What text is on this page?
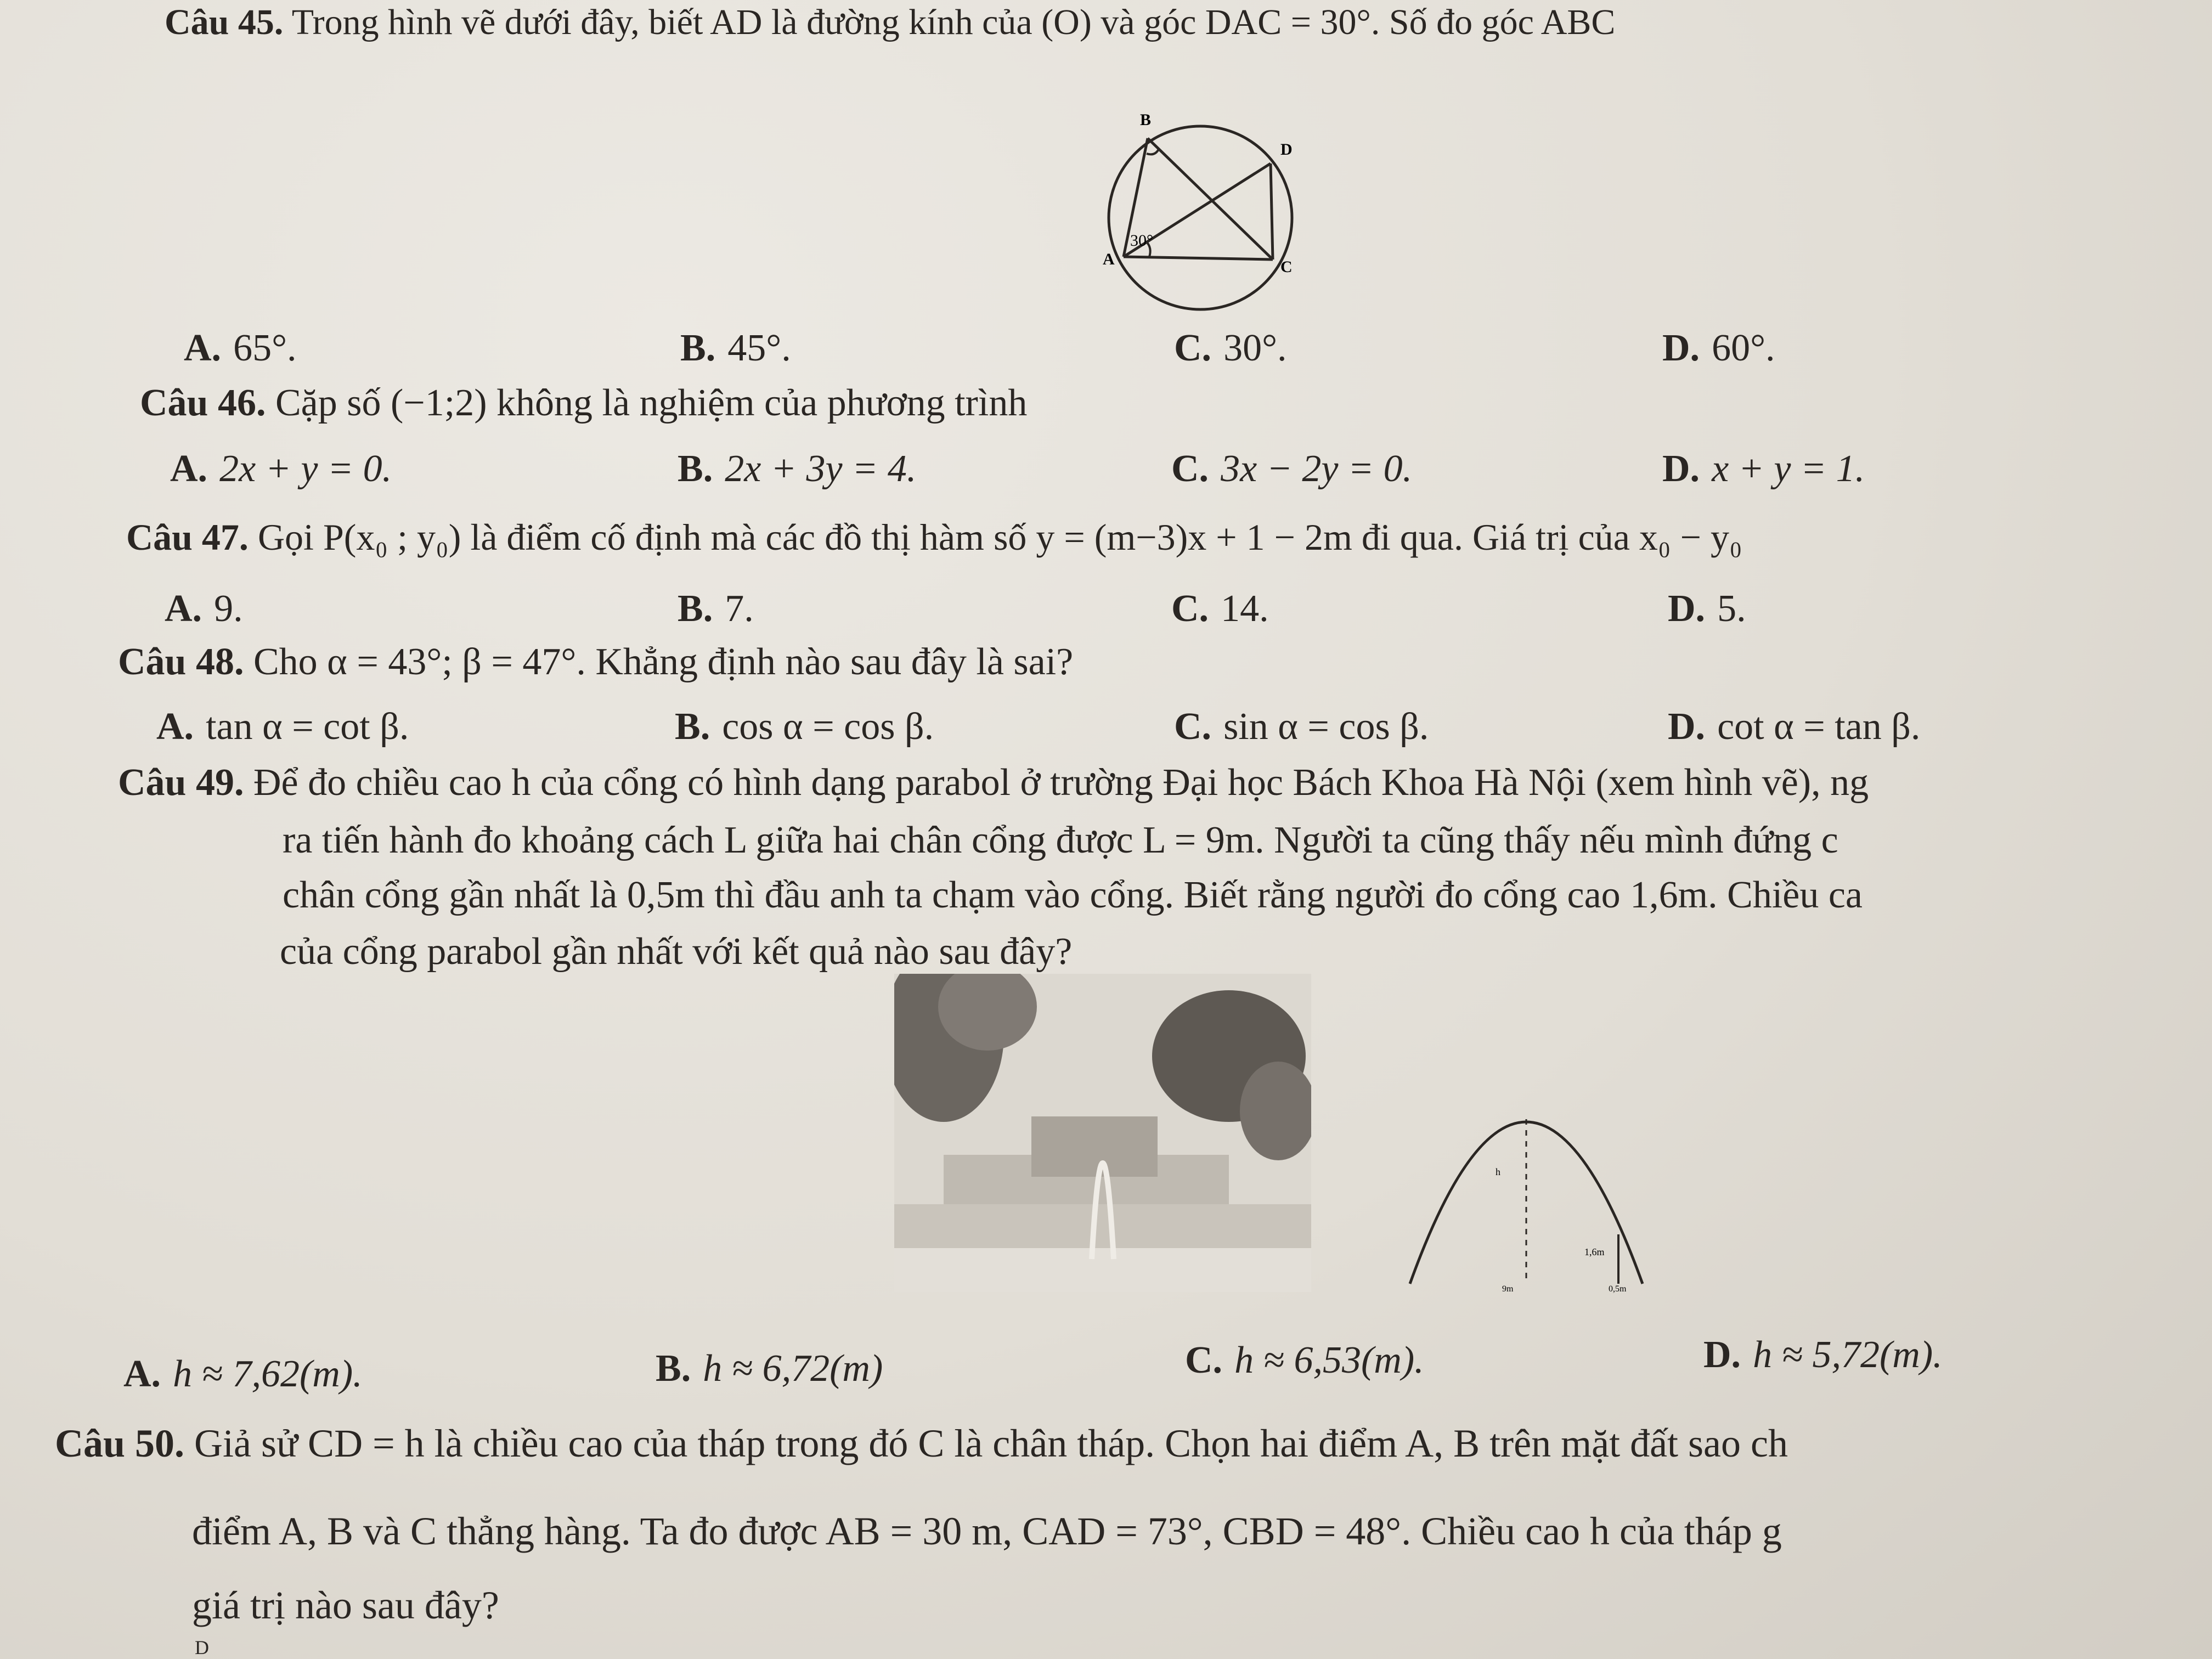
Câu 45. Trong hình vẽ dưới đây, biết AD là đường kính của (O) và góc DAC = 30°. Số đo góc ABC
B
D
A	C
30°
A. 65°.	B. 45°.	C. 30°.	D. 60°.
Câu 46. Cặp số (−1;2) không là nghiệm của phương trình
A. 2x + y = 0.	B. 2x + 3y = 4.	C. 3x − 2y = 0.	D. x + y = 1.
Câu 47. Gọi P(x₀ ; y₀) là điểm cố định mà các đồ thị hàm số y = (m−3)x + 1 − 2m đi qua. Giá trị của x₀ − y₀
A. 9.	B. 7.	C. 14.	D. 5.
Câu 48. Cho α = 43°; β = 47°. Khẳng định nào sau đây là sai?
A. tan α = cot β.	B. cos α = cos β.	C. sin α = cos β.	D. cot α = tan β.
Câu 49. Để đo chiều cao h của cổng có hình dạng parabol ở trường Đại học Bách Khoa Hà Nội (xem hình vẽ), ng
ra tiến hành đo khoảng cách L giữa hai chân cổng được L = 9m. Người ta cũng thấy nếu mình đứng c
chân cổng gần nhất là 0,5m thì đầu anh ta chạm vào cổng. Biết rằng người đo cổng cao 1,6m. Chiều ca
của cổng parabol gần nhất với kết quả nào sau đây?
h
1,6m
9m	0,5m
A. h ≈ 7,62(m).	B. h ≈ 6,72(m)	C. h ≈ 6,53(m).	D. h ≈ 5,72(m).
Câu 50. Giả sử CD = h là chiều cao của tháp trong đó C là chân tháp. Chọn hai điểm A, B trên mặt đất sao ch
điểm A, B và C thẳng hàng. Ta đo được AB = 30 m, CAD = 73°, CBD = 48°. Chiều cao h của tháp g
giá trị nào sau đây?
D
